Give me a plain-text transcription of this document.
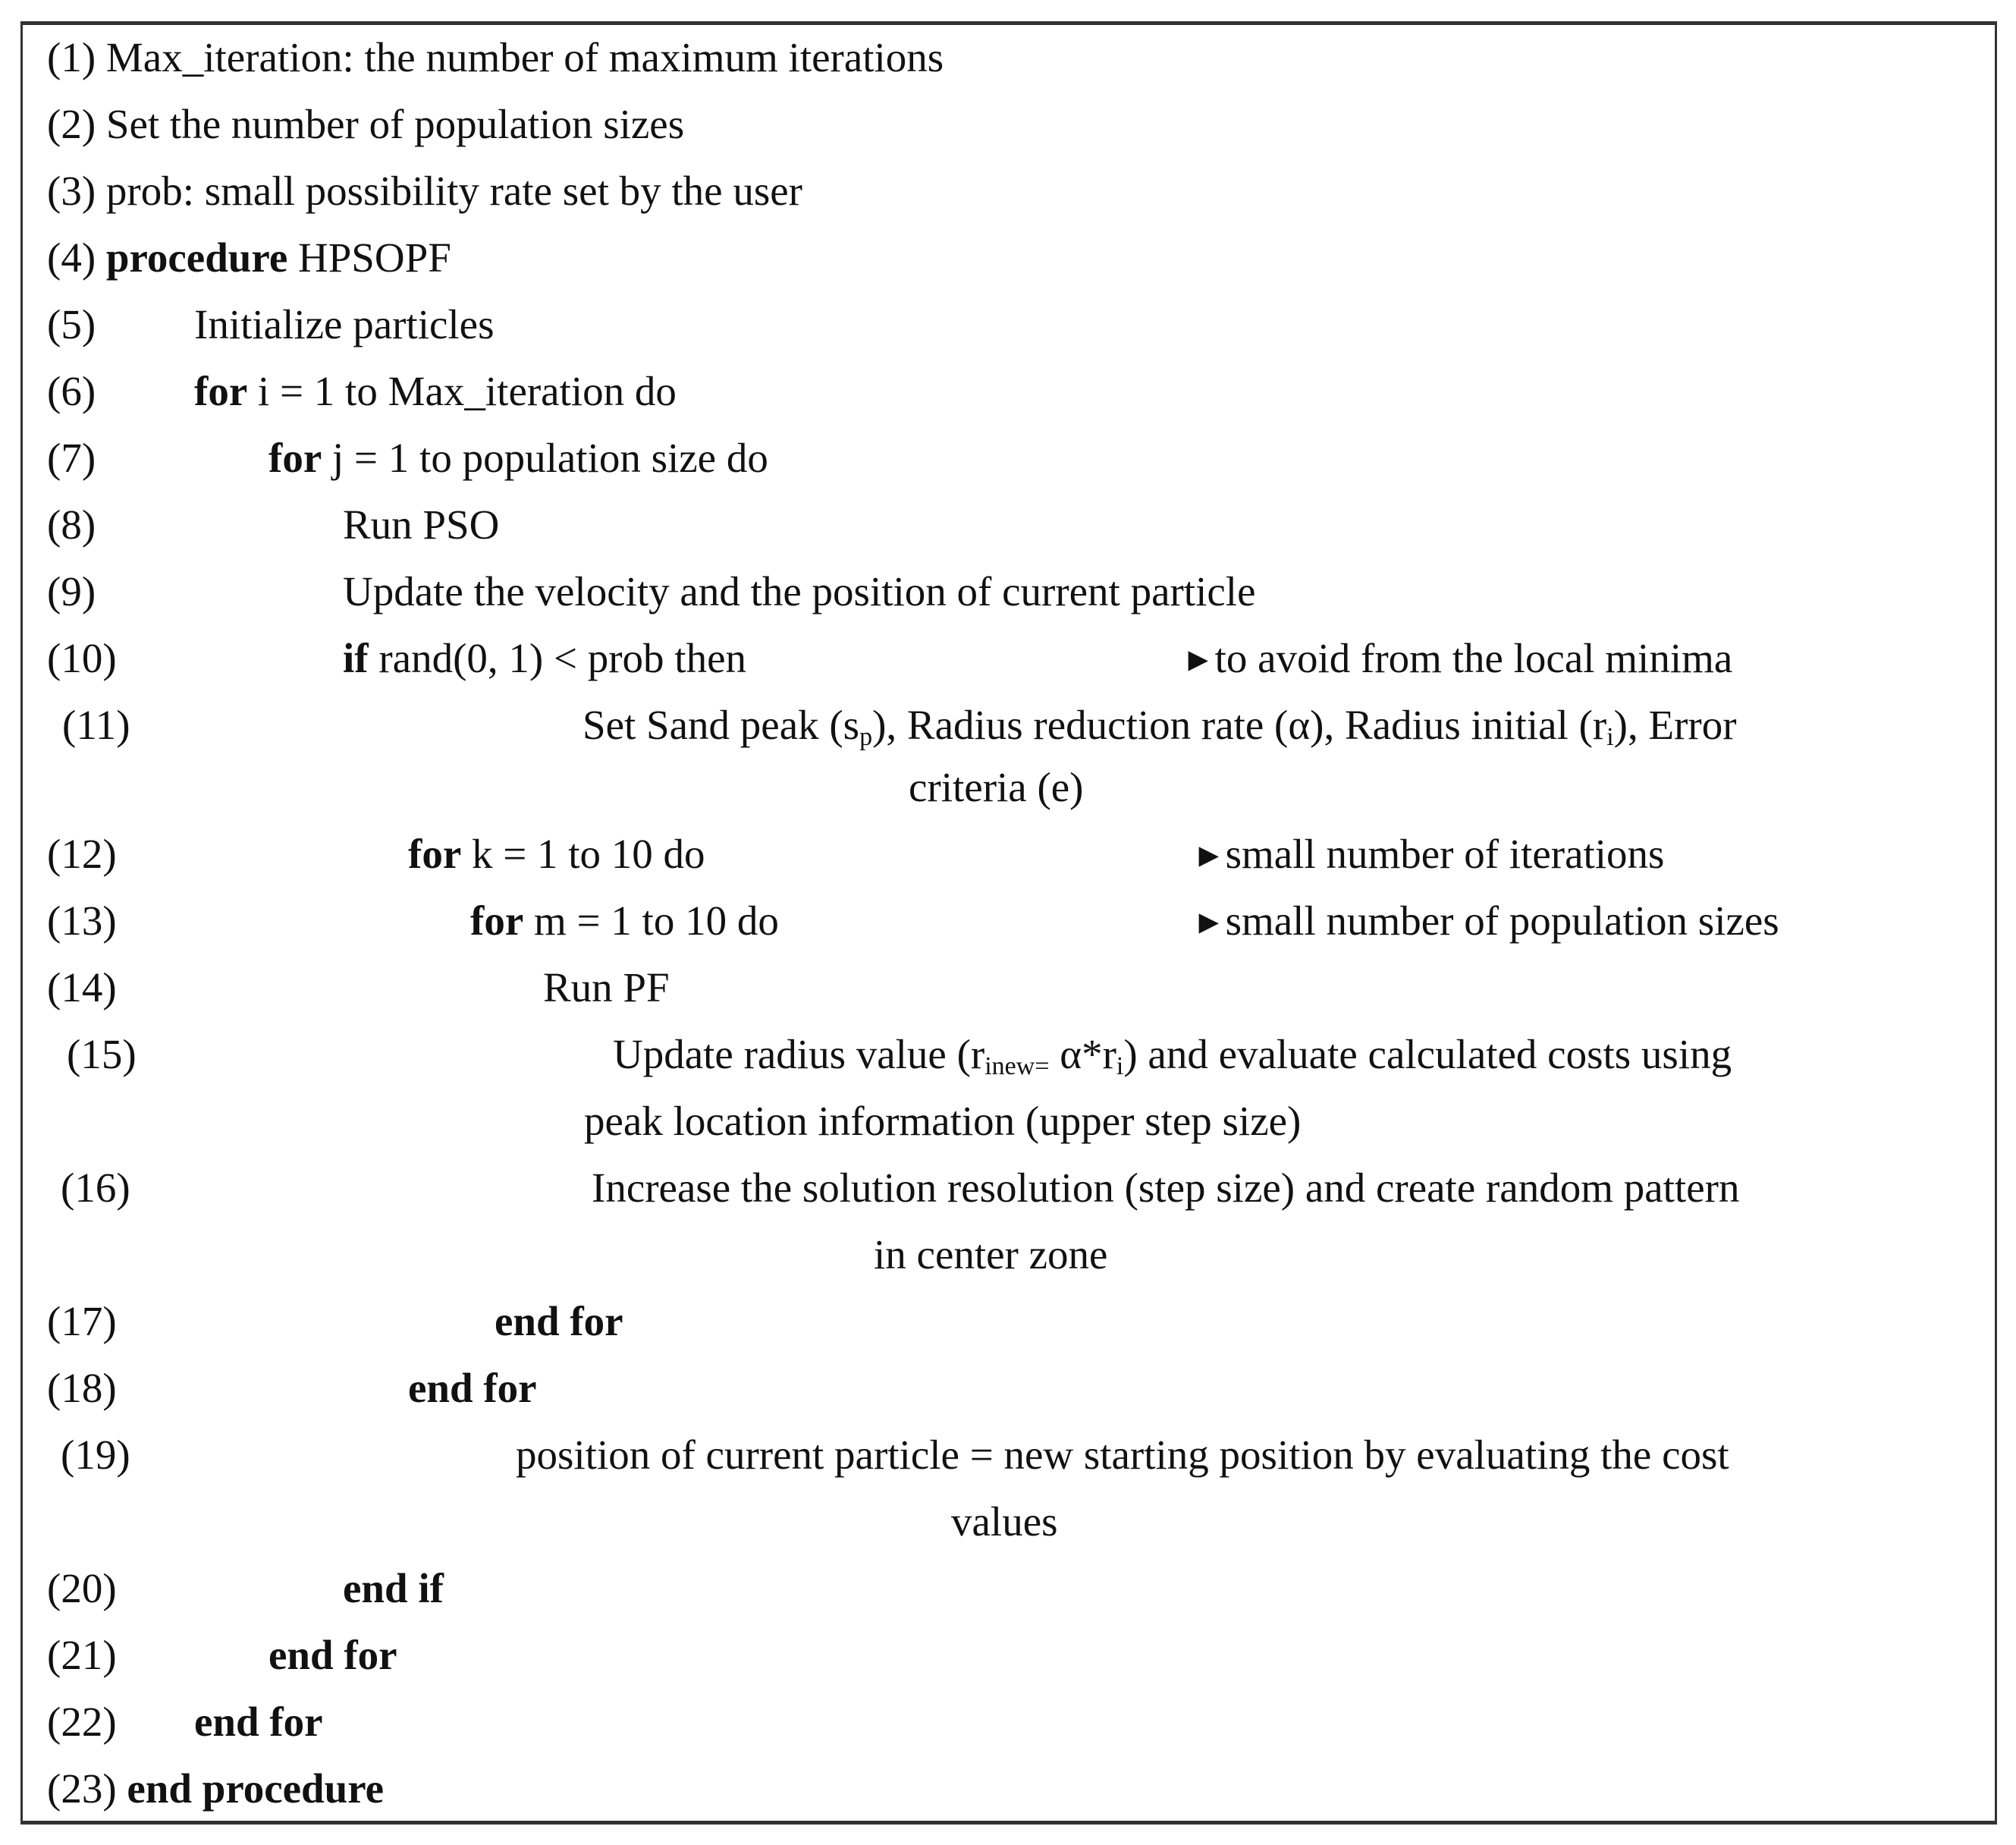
(1) Max_iteration: the number of maximum iterations
(2) Set the number of population sizes
(3) prob: small possibility rate set by the user
(4) procedure HPSOPF
(5) Initialize particles
(6) for i = 1 to Max_iteration do
(7)	for j = 1 to population size do
(8)	Run PSO
(9)	Update the velocity and the position of current particle
(10)	if rand(0, 1) < prob then	►to avoid from the local minima
(11)	Set Sand peak $(s_p)$, Radius reduction rate (α), Radius initial $(r_i)$, Error
criteria (e)
(12)	for k = 1 to 10 do	►small number of iterations
(13)	for m = 1 to 10 do	►small number of population sizes
(14)	Run PF
(15)	Update radius value ($r_{inew=}$ $\alpha*r_i$) and evaluate calculated costs using
peak location information (upper step size)
(16)	Increase the solution resolution (step size) and create random pattern
in center zone
(17)	end for
(18)	end for
(19)	position of current particle = new starting position by evaluating the cost
values
(20)	end if
(21)	end for
(22) end for
(23) end procedure
